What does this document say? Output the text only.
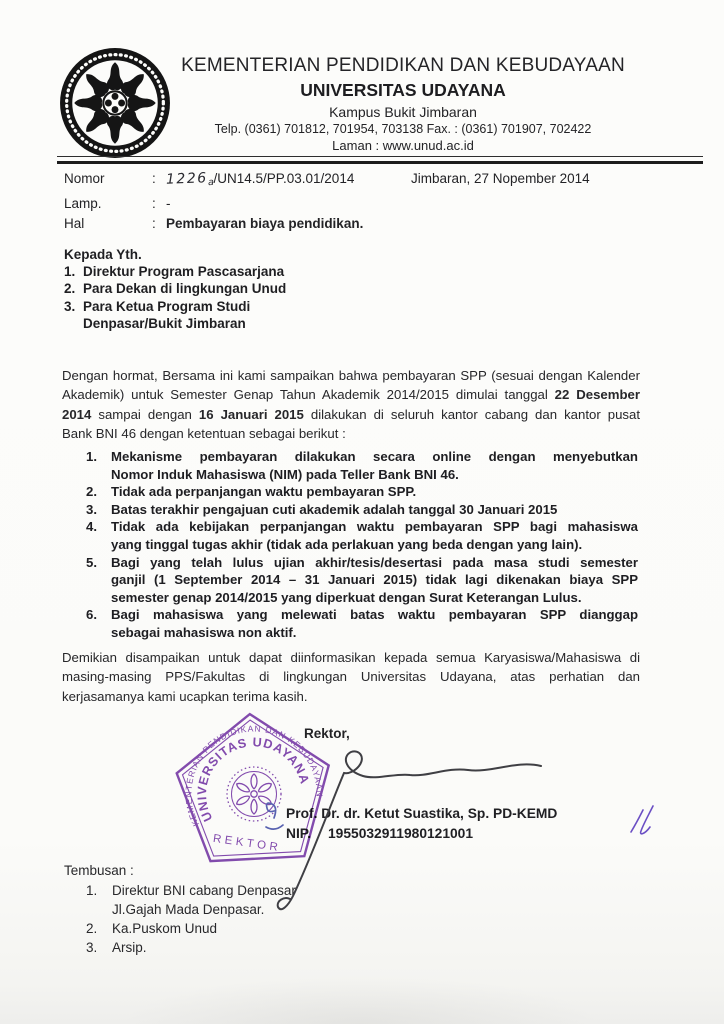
KEMENTERIAN PENDIDIKAN DAN KEBUDAYAAN
UNIVERSITAS UDAYANA
Kampus Bukit Jimbaran
Telp. (0361) 701812, 701954, 703138 Fax. : (0361) 701907, 702422
Laman : www.unud.ac.id
Nomor	: 1226a/UN14.5/PP.03.01/2014
Lamp.	: -
Hal	: Pembayaran biaya pendidikan.
Jimbaran, 27 Nopember 2014
Kepada Yth.
1. Direktur Program Pascasarjana
2. Para Dekan di lingkungan Unud
3. Para Ketua Program Studi
Denpasar/Bukit Jimbaran
Dengan hormat, Bersama ini kami sampaikan bahwa pembayaran SPP (sesuai dengan Kalender
Akademik) untuk Semester Genap Tahun Akademik 2014/2015 dimulai tanggal 22 Desember
2014 sampai dengan 16 Januari 2015 dilakukan di seluruh kantor cabang dan kantor pusat
Bank BNI 46 dengan ketentuan sebagai berikut :
1.	Mekanisme pembayaran dilakukan secara online dengan menyebutkan
Nomor Induk Mahasiswa (NIM) pada Teller Bank BNI 46.
2.	Tidak ada perpanjangan waktu pembayaran SPP.
3.	Batas terakhir pengajuan cuti akademik adalah tanggal 30 Januari 2015
4.	Tidak ada kebijakan perpanjangan waktu pembayaran SPP bagi mahasiswa
yang tinggal tugas akhir (tidak ada perlakuan yang beda dengan yang lain).
5.	Bagi yang telah lulus ujian akhir/tesis/desertasi pada masa studi semester
ganjil (1 September 2014 – 31 Januari 2015) tidak lagi dikenakan biaya SPP
semester genap 2014/2015 yang diperkuat dengan Surat Keterangan Lulus.
6.	Bagi mahasiswa yang melewati batas waktu pembayaran SPP dianggap
sebagai mahasiswa non aktif.
Demikian disampaikan untuk dapat diinformasikan kepada semua Karyasiswa/Mahasiswa di
masing-masing PPS/Fakultas di lingkungan Universitas Udayana, atas perhatian dan
kerjasamanya kami ucapkan terima kasih.
Rektor,
KEMENTERIAN PENDIDIKAN DAN KEBUDAYAAN
UNIVERSITAS UDAYANA
REKTOR
Prof. Dr. dr. Ketut Suastika, Sp. PD-KEMD
NIP.	1955032911980121001
Tembusan :
1.	Direktur BNI cabang Denpasar
Jl.Gajah Mada Denpasar.
2.	Ka.Puskom Unud
3.	Arsip.
